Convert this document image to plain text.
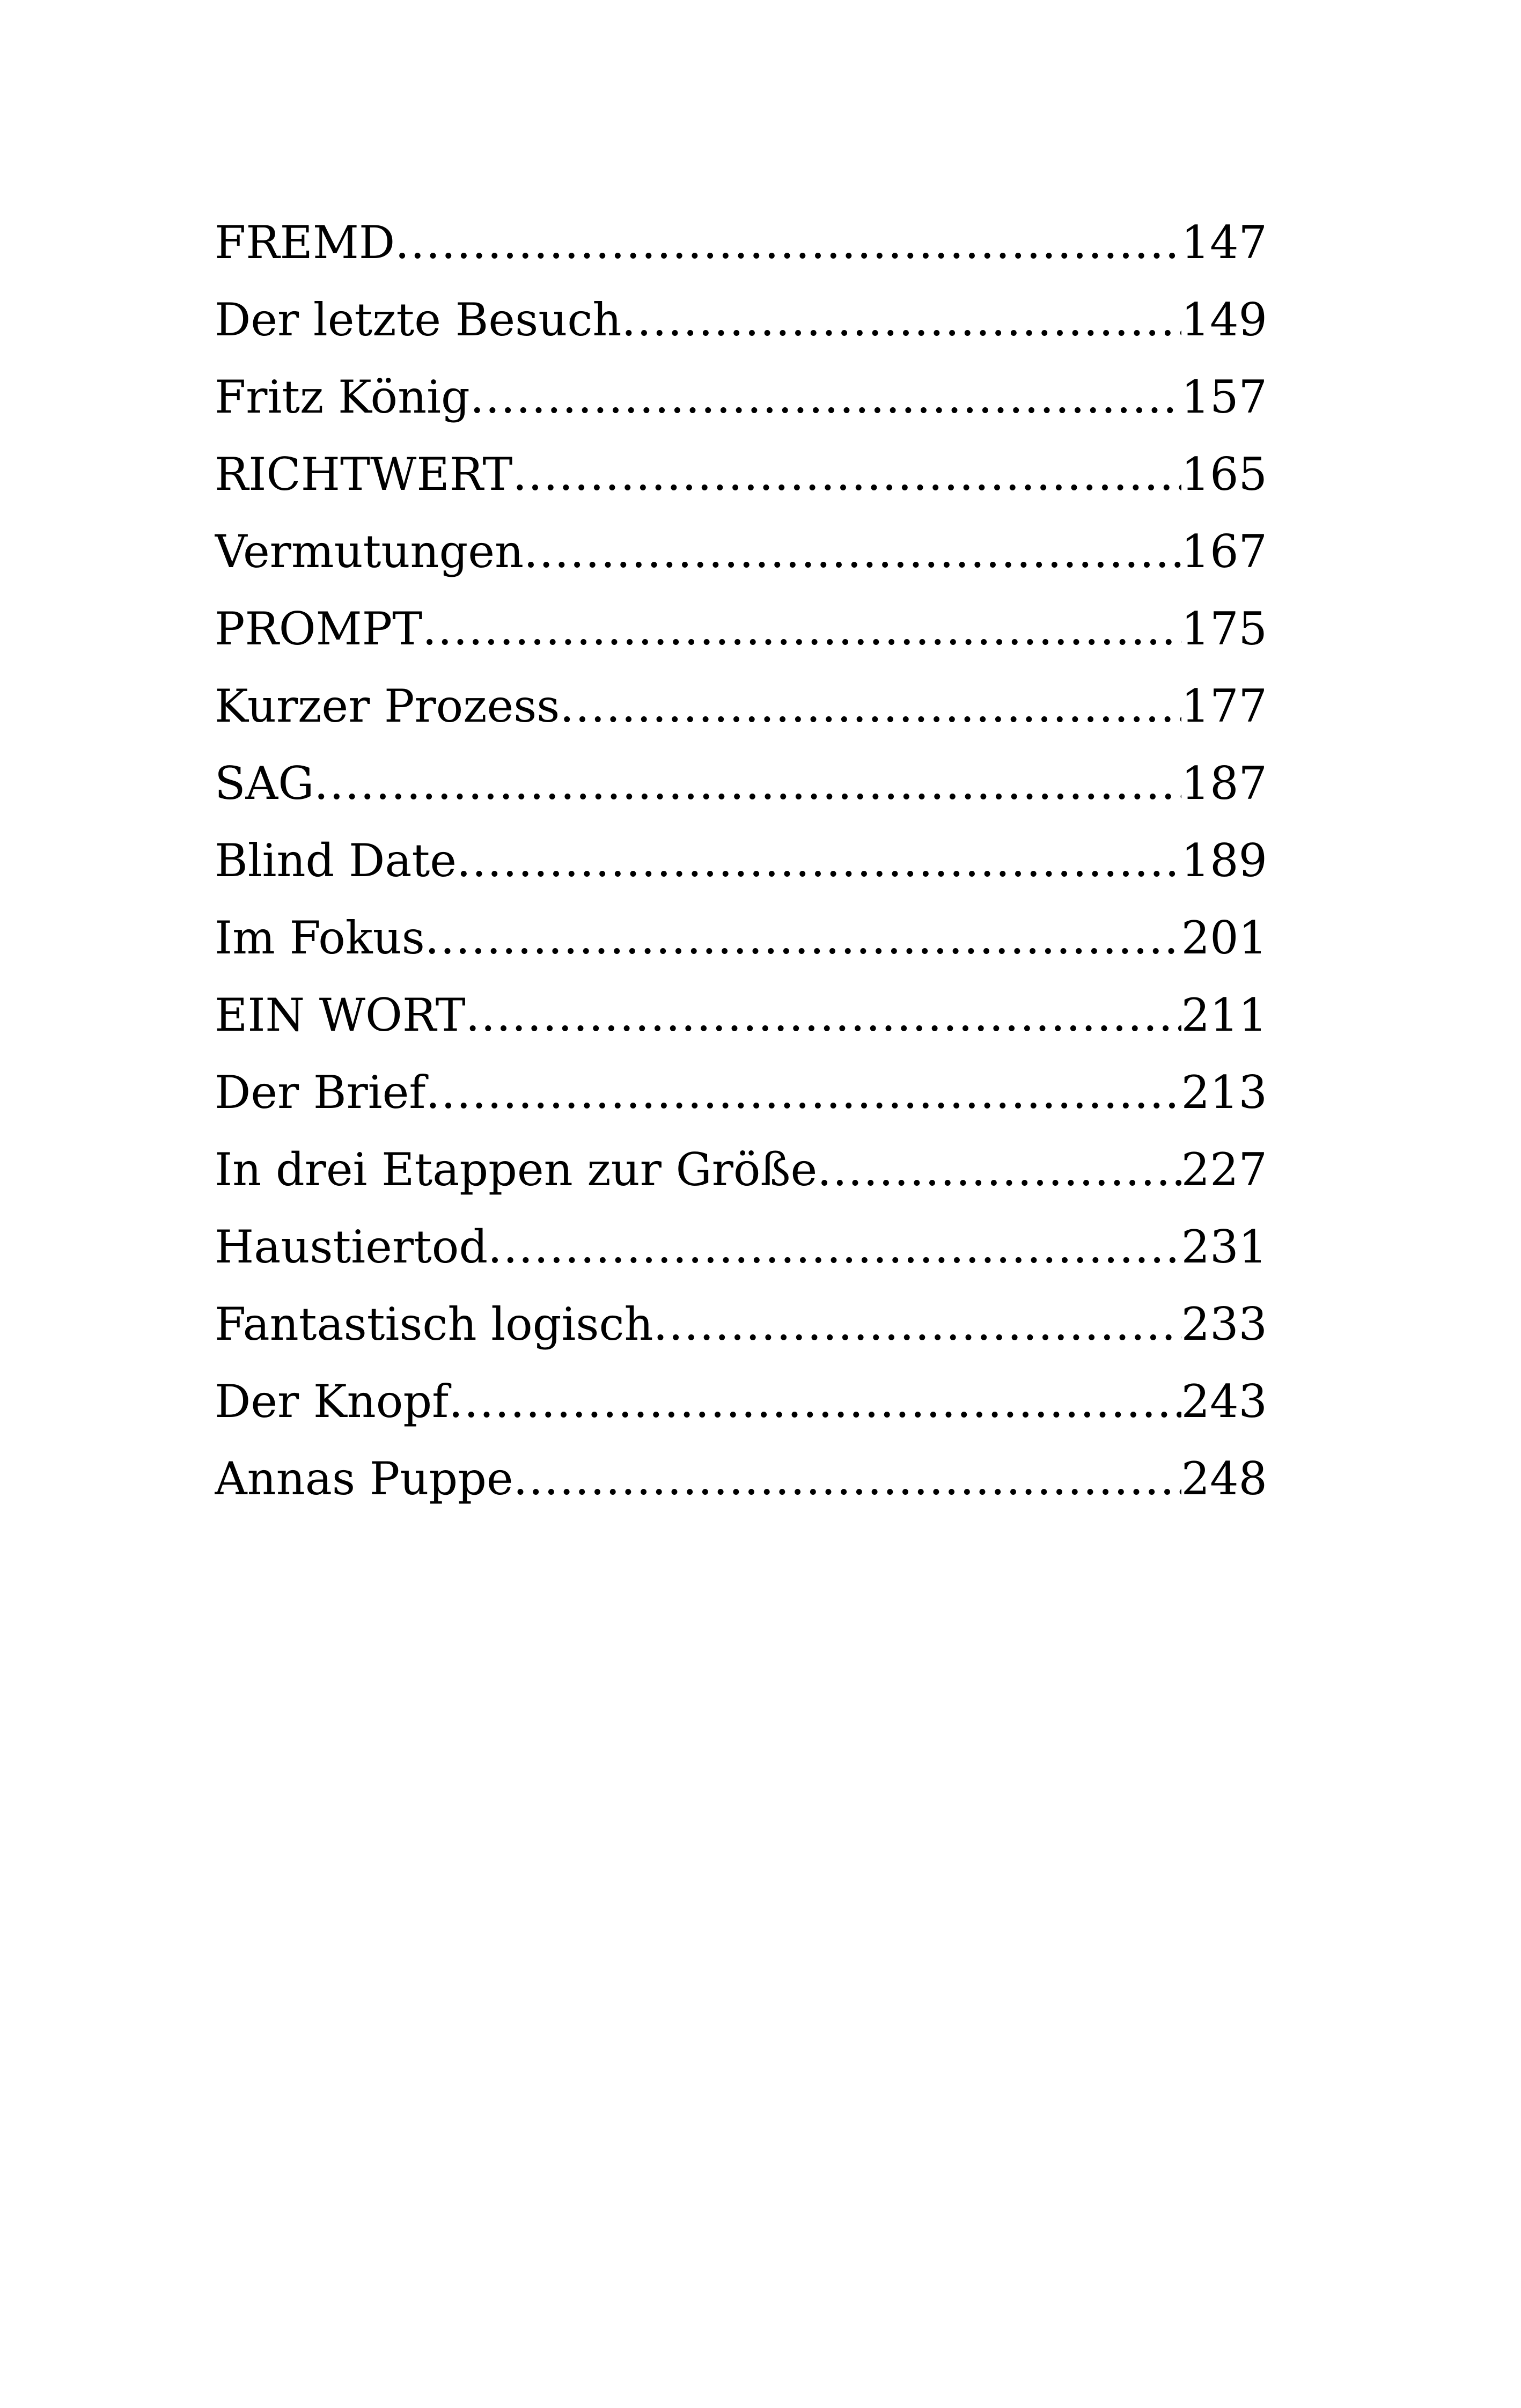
FREMD .....	147
Der letzte Besuch .....	149
Fritz König .....	157
RICHTWERT .....	165
Vermutungen .....	167
PROMPT .....	175
Kurzer Prozess .....	177
SAG .....	187
Blind Date .....	189
Im Fokus .....	201
EIN WORT .....	211
Der Brief .....	213
In drei Etappen zur Größe .....	227
Haustiertod .....	231
Fantastisch logisch .....	233
Der Knopf .....	243
Annas Puppe .....	248
